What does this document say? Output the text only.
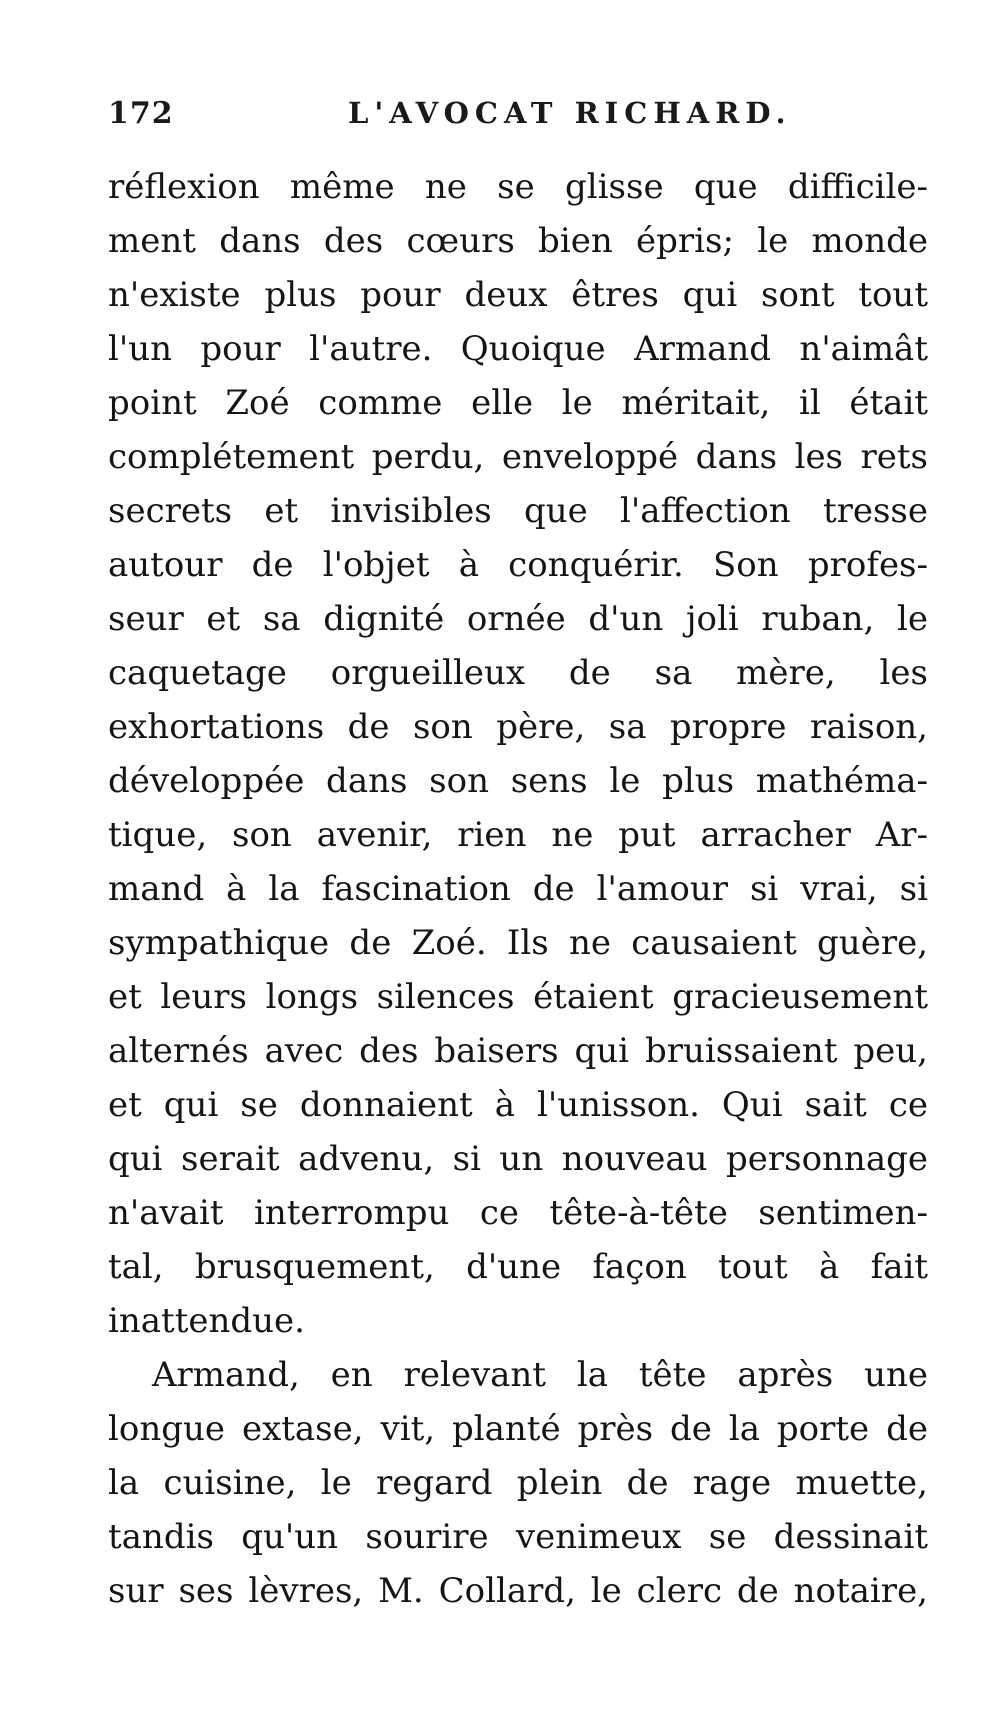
172	L'AVOCAT RICHARD.
réflexion même ne se glisse que difficile-
ment dans des cœurs bien épris; le monde
n'existe plus pour deux êtres qui sont tout
l'un pour l'autre. Quoique Armand n'aimât
point Zoé comme elle le méritait, il était
complétement perdu, enveloppé dans les rets
secrets et invisibles que l'affection tresse
autour de l'objet à conquérir. Son profes-
seur et sa dignité ornée d'un joli ruban, le
caquetage orgueilleux de sa mère, les
exhortations de son père, sa propre raison,
développée dans son sens le plus mathéma-
tique, son avenir, rien ne put arracher Ar-
mand à la fascination de l'amour si vrai, si
sympathique de Zoé. Ils ne causaient guère,
et leurs longs silences étaient gracieusement
alternés avec des baisers qui bruissaient peu,
et qui se donnaient à l'unisson. Qui sait ce
qui serait advenu, si un nouveau personnage
n'avait interrompu ce tête-à-tête sentimen-
tal, brusquement, d'une façon tout à fait
inattendue.
Armand, en relevant la tête après une
longue extase, vit, planté près de la porte de
la cuisine, le regard plein de rage muette,
tandis qu'un sourire venimeux se dessinait
sur ses lèvres, M. Collard, le clerc de notaire,
